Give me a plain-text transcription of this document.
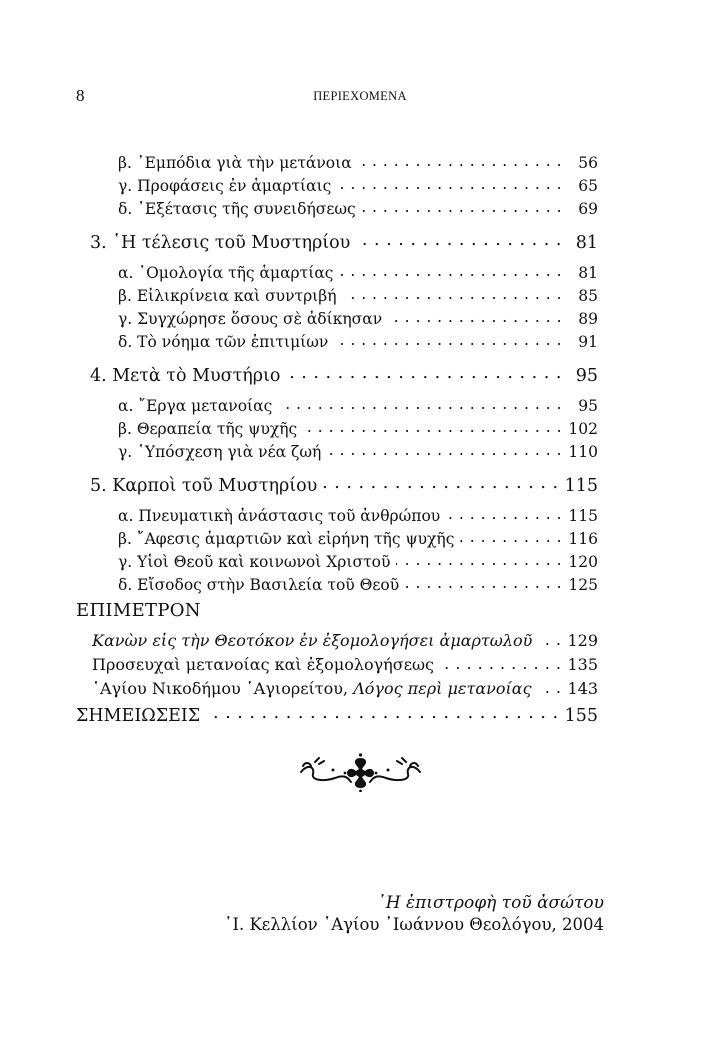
8	ΠΕΡΙΕΧΟΜΕΝΑ
β. ᾿Εμπόδια γιὰ τὴν μετάνοια . . .	56
γ. Προφάσεις ἐν ἁμαρτίαις . . .	65
δ. ᾿Εξέτασις τῆς συνειδήσεως . . .	69
3. ῾Η τέλεσις τοῦ Μυστηρίου . . .	81
α. ῾Ομολογία τῆς ἁμαρτίας . . .	81
β. Εἰλικρίνεια καὶ συντριβή . . .	85
γ. Συγχώρησε ὅσους σὲ ἀδίκησαν . . .	89
δ. Τὸ νόημα τῶν ἐπιτιμίων . . .	91
4. Μετὰ τὸ Μυστήριο . . .	95
α. ῎Εργα μετανοίας . . .	95
β. Θεραπεία τῆς ψυχῆς . . .	102
γ. ῾Υπόσχεση γιὰ νέα ζωή . . .	110
5. Καρποὶ τοῦ Μυστηρίου . . .	115
α. Πνευματικὴ ἀνάστασις τοῦ ἀνθρώπου . . .	115
β. ῎Αφεσις ἁμαρτιῶν καὶ εἰρήνη τῆς ψυχῆς . . .	116
γ. Υἱοὶ Θεοῦ καὶ κοινωνοὶ Χριστοῦ . . .	120
δ. Εἴσοδος στὴν Βασιλεία τοῦ Θεοῦ . . .	125
ΕΠΙΜΕΤΡΟΝ
Κανὼν εἰς τὴν Θεοτόκον ἐν ἐξομολογήσει ἁμαρτωλοῦ . . .	129
Προσευχαὶ μετανοίας καὶ ἐξομολογήσεως . . .	135
῾Αγίου Νικοδήμου ῾Αγιορείτου, Λόγος περὶ μετανοίας . . .	143
ΣΗΜΕΙΩΣΕΙΣ . . .	155
῾Η ἐπιστροφὴ τοῦ ἀσώτου
῾Ι. Κελλίον ῾Αγίου ᾿Ιωάννου Θεολόγου, 2004
